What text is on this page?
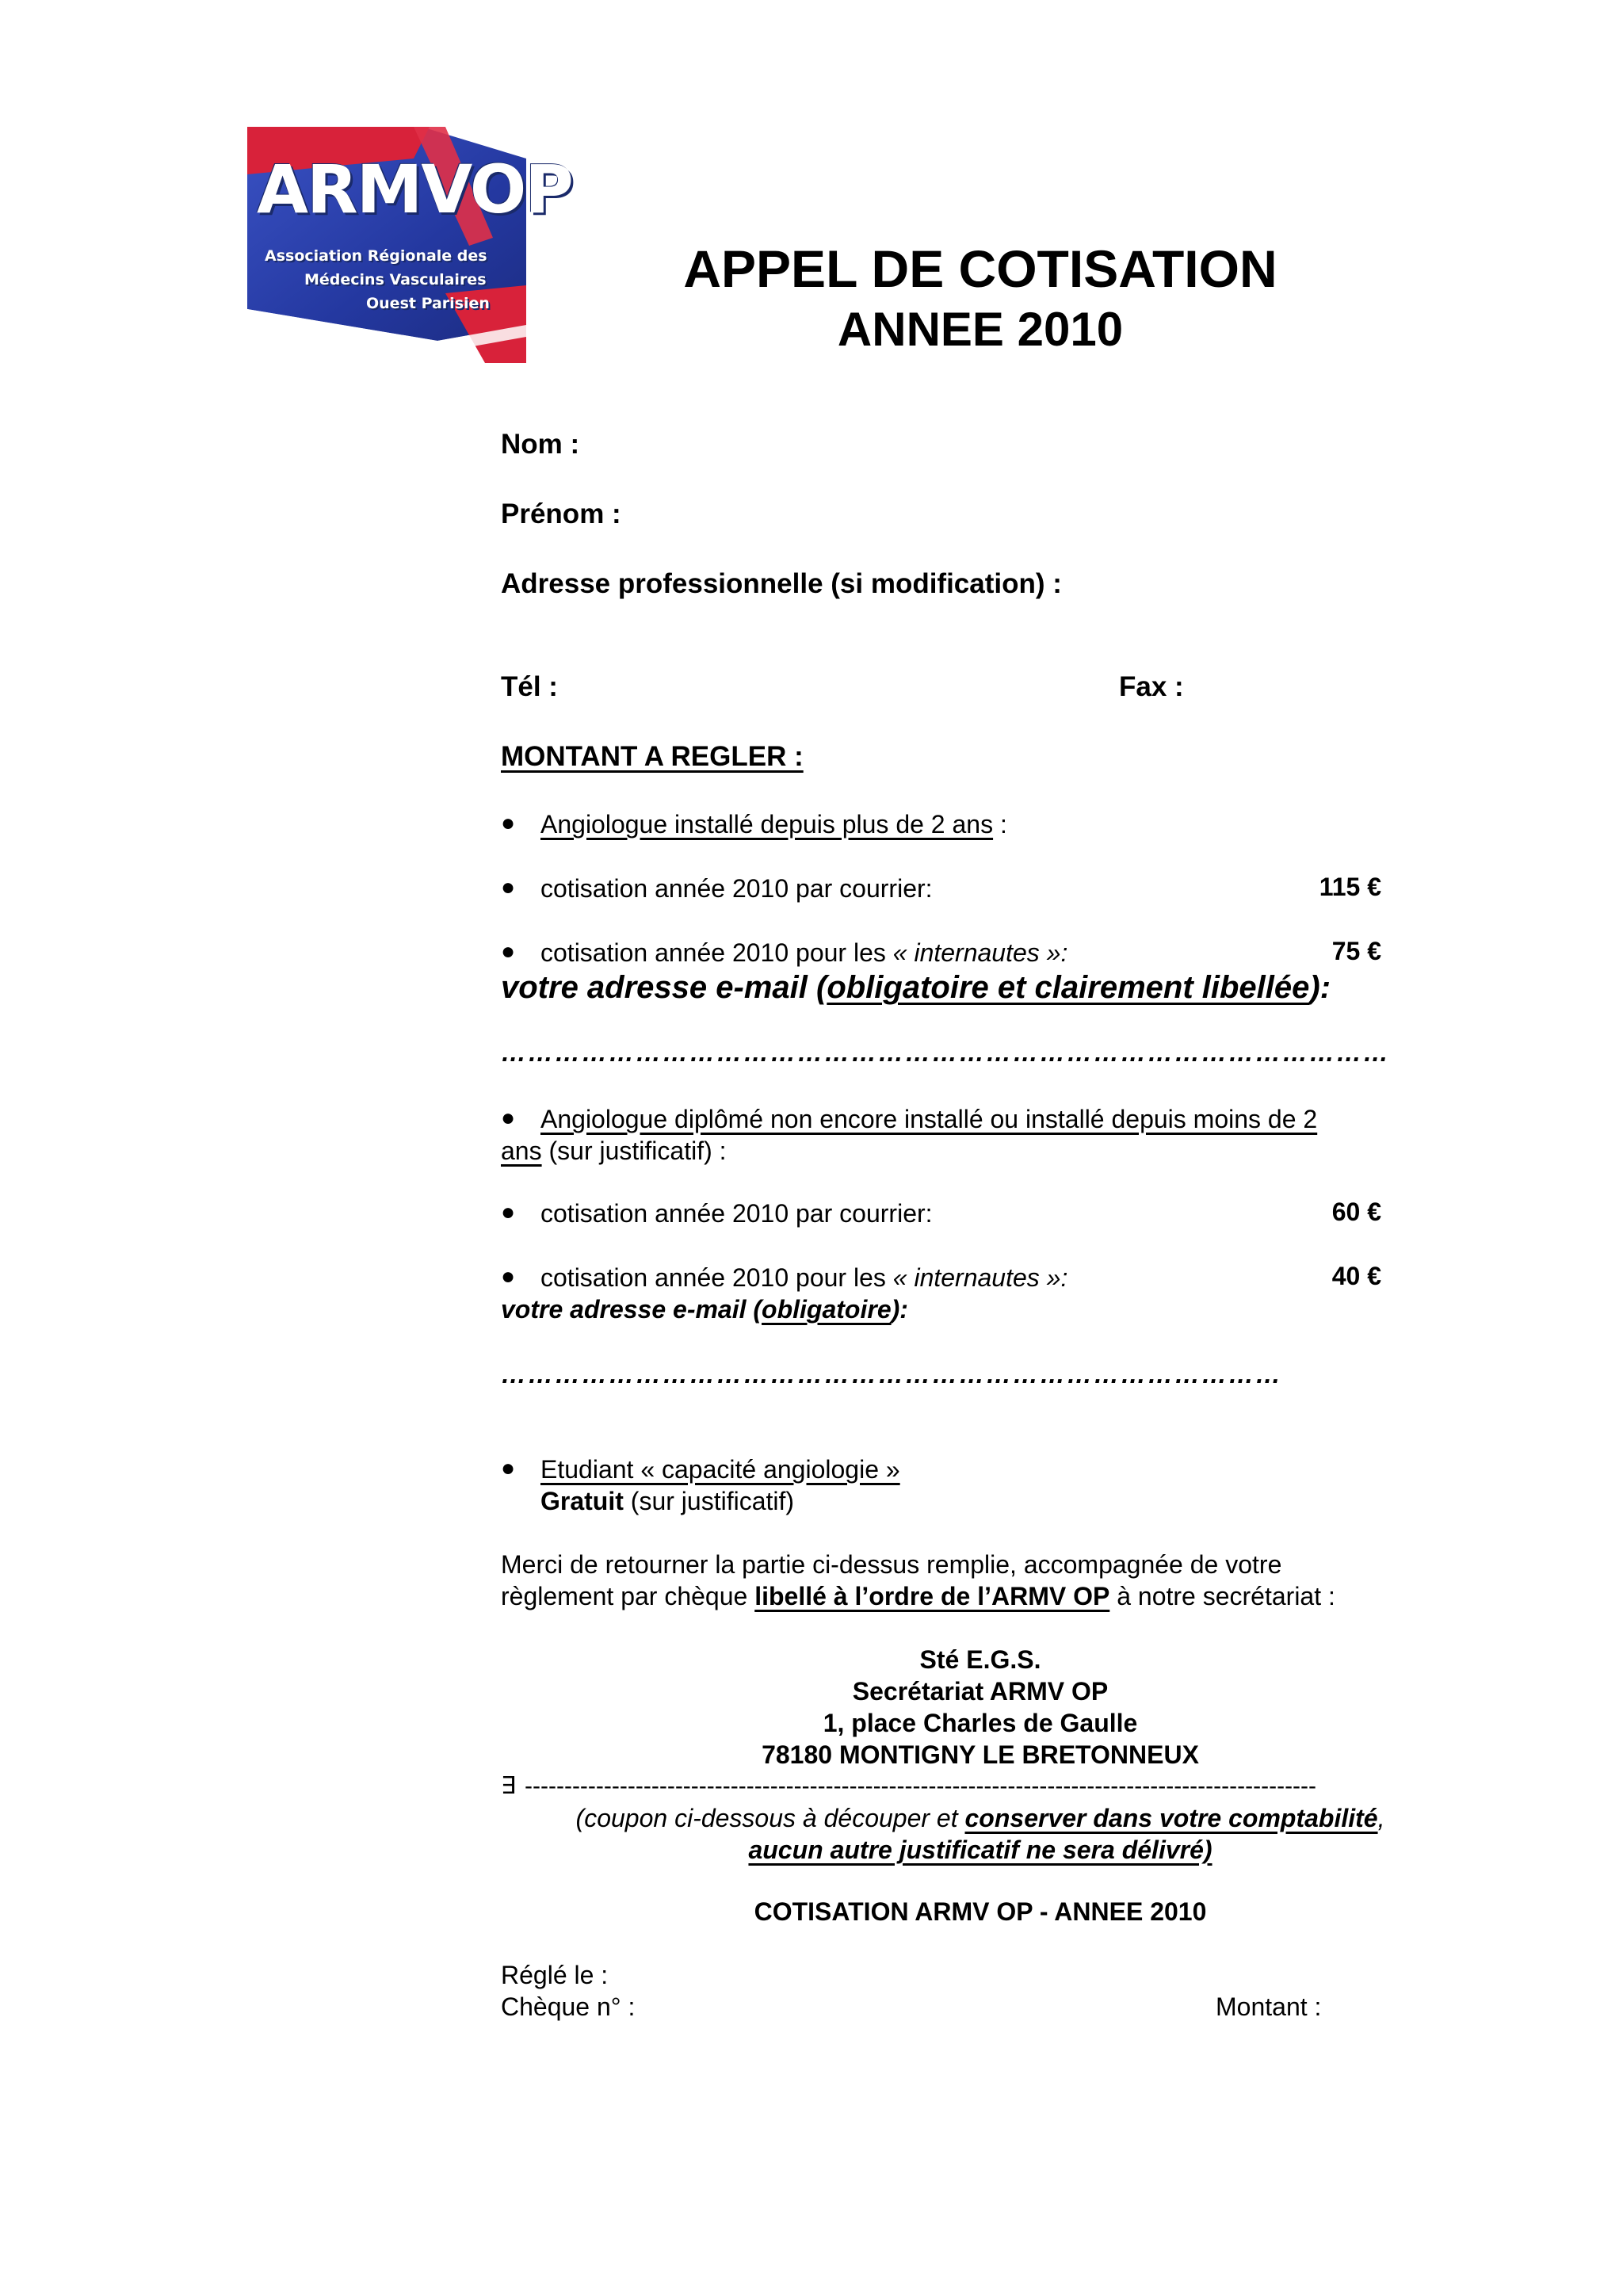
ARMVOP
Association Régionale des
Médecins Vasculaires
Ouest Parisien
APPEL DE COTISATION
ANNEE 2010
Nom :
Prénom :
Adresse professionnelle (si modification) :
Tél :	Fax :
MONTANT A REGLER :
● Angiologue installé depuis plus de 2 ans :
● cotisation année 2010 par courrier:	115 €
● cotisation année 2010 pour les « internautes »:	75 €
votre adresse e-mail (obligatoire et clairement libellée):
………………………………………………………………………………………
● Angiologue diplômé non encore installé ou installé depuis moins de 2
ans (sur justificatif) :
● cotisation année 2010 par courrier:	60 €
● cotisation année 2010 pour les « internautes »:	40 €
votre adresse e-mail (obligatoire):
……………………………………………………………………………
● Etudiant « capacité angiologie »
Gratuit (sur justificatif)
Merci de retourner la partie ci-dessus remplie, accompagnée de votre
règlement par chèque libellé à l’ordre de l’ARMV OP à notre secrétariat :
Sté E.G.S.
Secrétariat ARMV OP
1, place Charles de Gaulle
78180 MONTIGNY LE BRETONNEUX
∃ ----------------------------------------------------------------------------------------------------
(coupon ci-dessous à découper et conserver dans votre comptabilité,
aucun autre justificatif ne sera délivré)
COTISATION ARMV OP - ANNEE 2010
Réglé le :
Chèque n° :	Montant :
